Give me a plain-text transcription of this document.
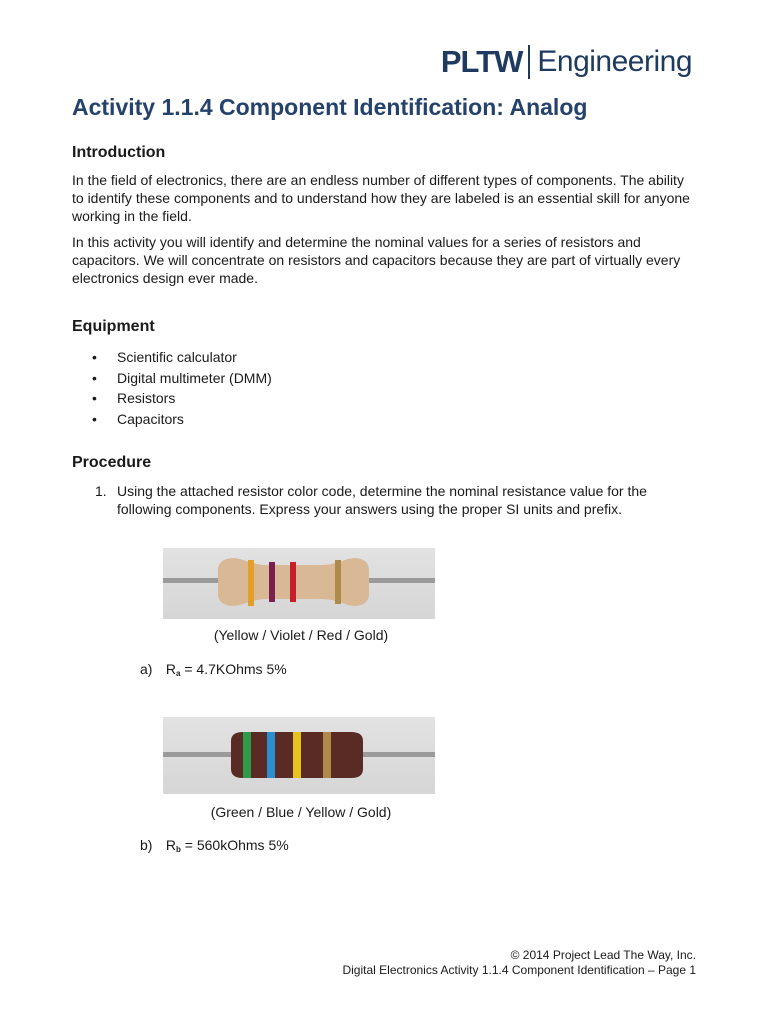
PLTW Engineering
Activity 1.1.4 Component Identification: Analog
Introduction

In the field of electronics, there are an endless number of different types of components. The ability to identify these components and to understand how they are labeled is an essential skill for anyone working in the field.

In this activity you will identify and determine the nominal values for a series of resistors and capacitors. We will concentrate on resistors and capacitors because they are part of virtually every electronics design ever made.

Equipment
• Scientific calculator
• Digital multimeter (DMM)
• Resistors
• Capacitors
Procedure
1. Using the attached resistor color code, determine the nominal resistance value for the following components. Express your answers using the proper SI units and prefix.
(Yellow / Violet / Red / Gold)
a) $R_a$ = 4.7KOhms 5%
(Green / Blue / Yellow / Gold)
b) $R_b$ = 560kOhms 5%
© 2014 Project Lead The Way, Inc.
Digital Electronics Activity 1.1.4 Component Identification – Page 1
